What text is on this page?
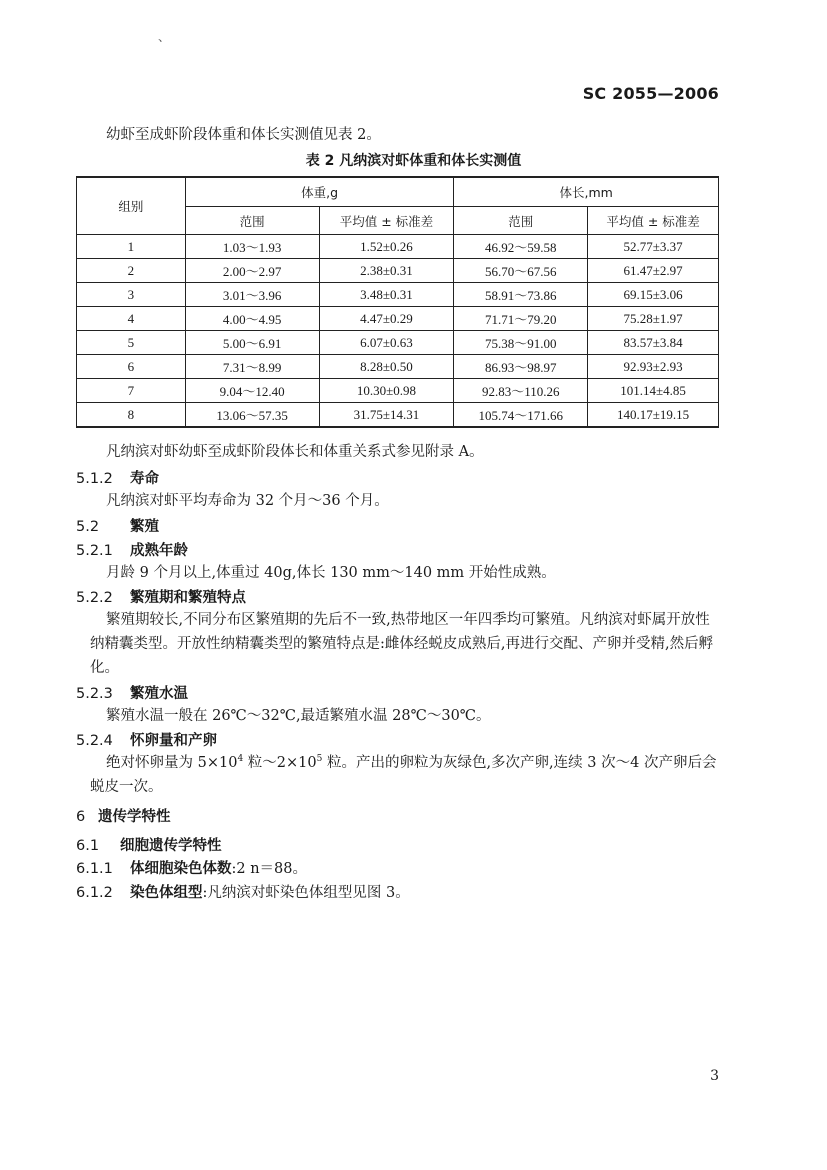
、
SC 2055—2006
幼虾至成虾阶段体重和体长实测值见表 2。
表 2 凡纳滨对虾体重和体长实测值
组别	体重,g		体长,mm	
	范围	平均值 ± 标准差	范围	平均值 ± 标准差
1	1.03～1.93	1.52±0.26	46.92～59.58	52.77±3.37
2	2.00～2.97	2.38±0.31	56.70～67.56	61.47±2.97
3	3.01～3.96	3.48±0.31	58.91～73.86	69.15±3.06
4	4.00～4.95	4.47±0.29	71.71～79.20	75.28±1.97
5	5.00～6.91	6.07±0.63	75.38～91.00	83.57±3.84
6	7.31～8.99	8.28±0.50	86.93～98.97	92.93±2.93
7	9.04～12.40	10.30±0.98	92.83～110.26	101.14±4.85
8	13.06～57.35	31.75±14.31	105.74～171.66	140.17±19.15
凡纳滨对虾幼虾至成虾阶段体长和体重关系式参见附录 A。
5.1.2 寿命
凡纳滨对虾平均寿命为 32 个月～36 个月。
5.2 繁殖
5.2.1 成熟年龄
月龄 9 个月以上,体重过 40g,体长 130 mm～140 mm 开始性成熟。
5.2.2 繁殖期和繁殖特点
繁殖期较长,不同分布区繁殖期的先后不一致,热带地区一年四季均可繁殖。凡纳滨对虾属开放性
纳精囊类型。开放性纳精囊类型的繁殖特点是:雌体经蜕皮成熟后,再进行交配、产卵并受精,然后孵
化。
5.2.3 繁殖水温
繁殖水温一般在 26℃～32℃,最适繁殖水温 28℃～30℃。
5.2.4 怀卵量和产卵
绝对怀卵量为 $5\times 10^4$ 粒$\sim 2\times 10^5$ 粒。产出的卵粒为灰绿色,多次产卵,连续 3 次～4 次产卵后会
蜕皮一次。
6 遗传学特性
6.1 细胞遗传学特性
6.1.1 体细胞染色体数:2 n＝88。
6.1.2 染色体组型:凡纳滨对虾染色体组型见图 3。
3
